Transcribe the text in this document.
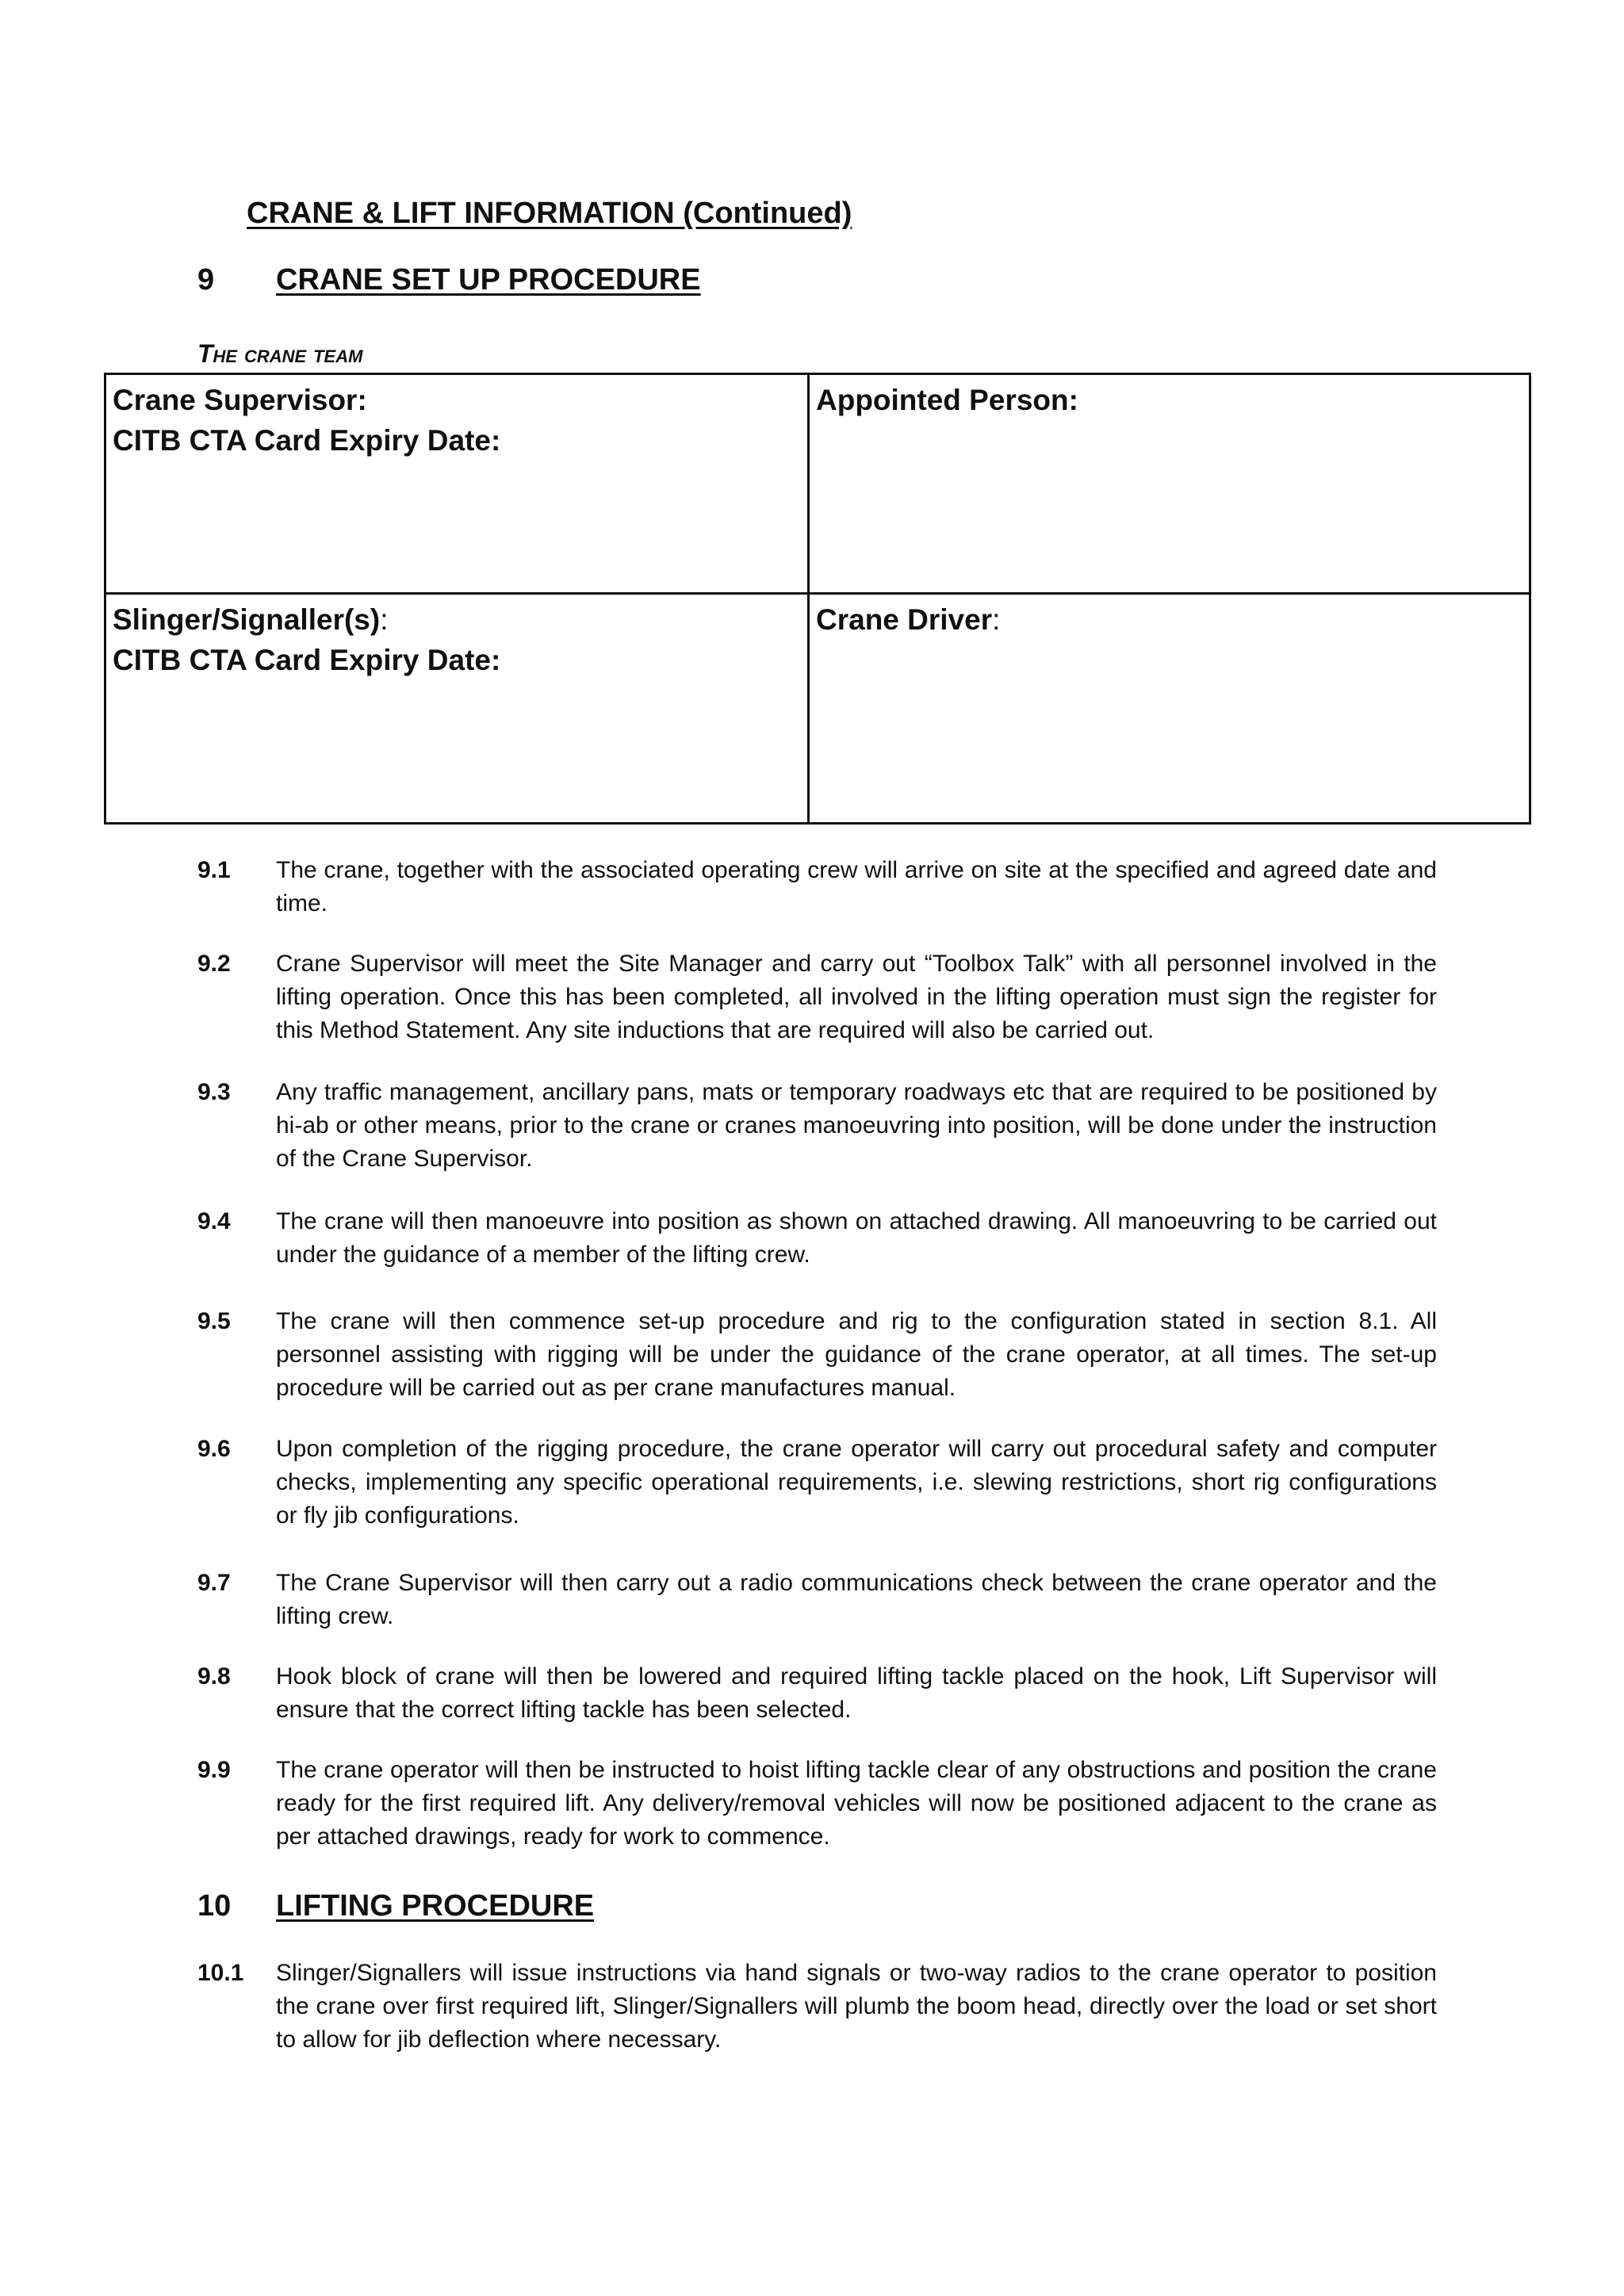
CRANE & LIFT INFORMATION (Continued)
9 CRANE SET UP PROCEDURE
The crane team
Crane Supervisor:
CITB CTA Card Expiry Date:
Appointed Person:
Slinger/Signaller(s):
CITB CTA Card Expiry Date:
Crane Driver:
9.1 The crane, together with the associated operating crew will arrive on site at the specified and agreed date and time.
9.2 Crane Supervisor will meet the Site Manager and carry out “Toolbox Talk” with all personnel involved in the lifting operation. Once this has been completed, all involved in the lifting operation must sign the register for this Method Statement. Any site inductions that are required will also be carried out.
9.3 Any traffic management, ancillary pans, mats or temporary roadways etc that are required to be positioned by hi-ab or other means, prior to the crane or cranes manoeuvring into position, will be done under the instruction of the Crane Supervisor.
9.4 The crane will then manoeuvre into position as shown on attached drawing. All manoeuvring to be carried out under the guidance of a member of the lifting crew.
9.5 The crane will then commence set-up procedure and rig to the configuration stated in section 8.1. All personnel assisting with rigging will be under the guidance of the crane operator, at all times. The set-up procedure will be carried out as per crane manufactures manual.
9.6 Upon completion of the rigging procedure, the crane operator will carry out procedural safety and computer checks, implementing any specific operational requirements, i.e. slewing restrictions, short rig configurations or fly jib configurations.
9.7 The Crane Supervisor will then carry out a radio communications check between the crane operator and the lifting crew.
9.8 Hook block of crane will then be lowered and required lifting tackle placed on the hook, Lift Supervisor will ensure that the correct lifting tackle has been selected.
9.9 The crane operator will then be instructed to hoist lifting tackle clear of any obstructions and position the crane ready for the first required lift. Any delivery/removal vehicles will now be positioned adjacent to the crane as per attached drawings, ready for work to commence.
10 LIFTING PROCEDURE
10.1 Slinger/Signallers will issue instructions via hand signals or two-way radios to the crane operator to position the crane over first required lift, Slinger/Signallers will plumb the boom head, directly over the load or set short to allow for jib deflection where necessary.
